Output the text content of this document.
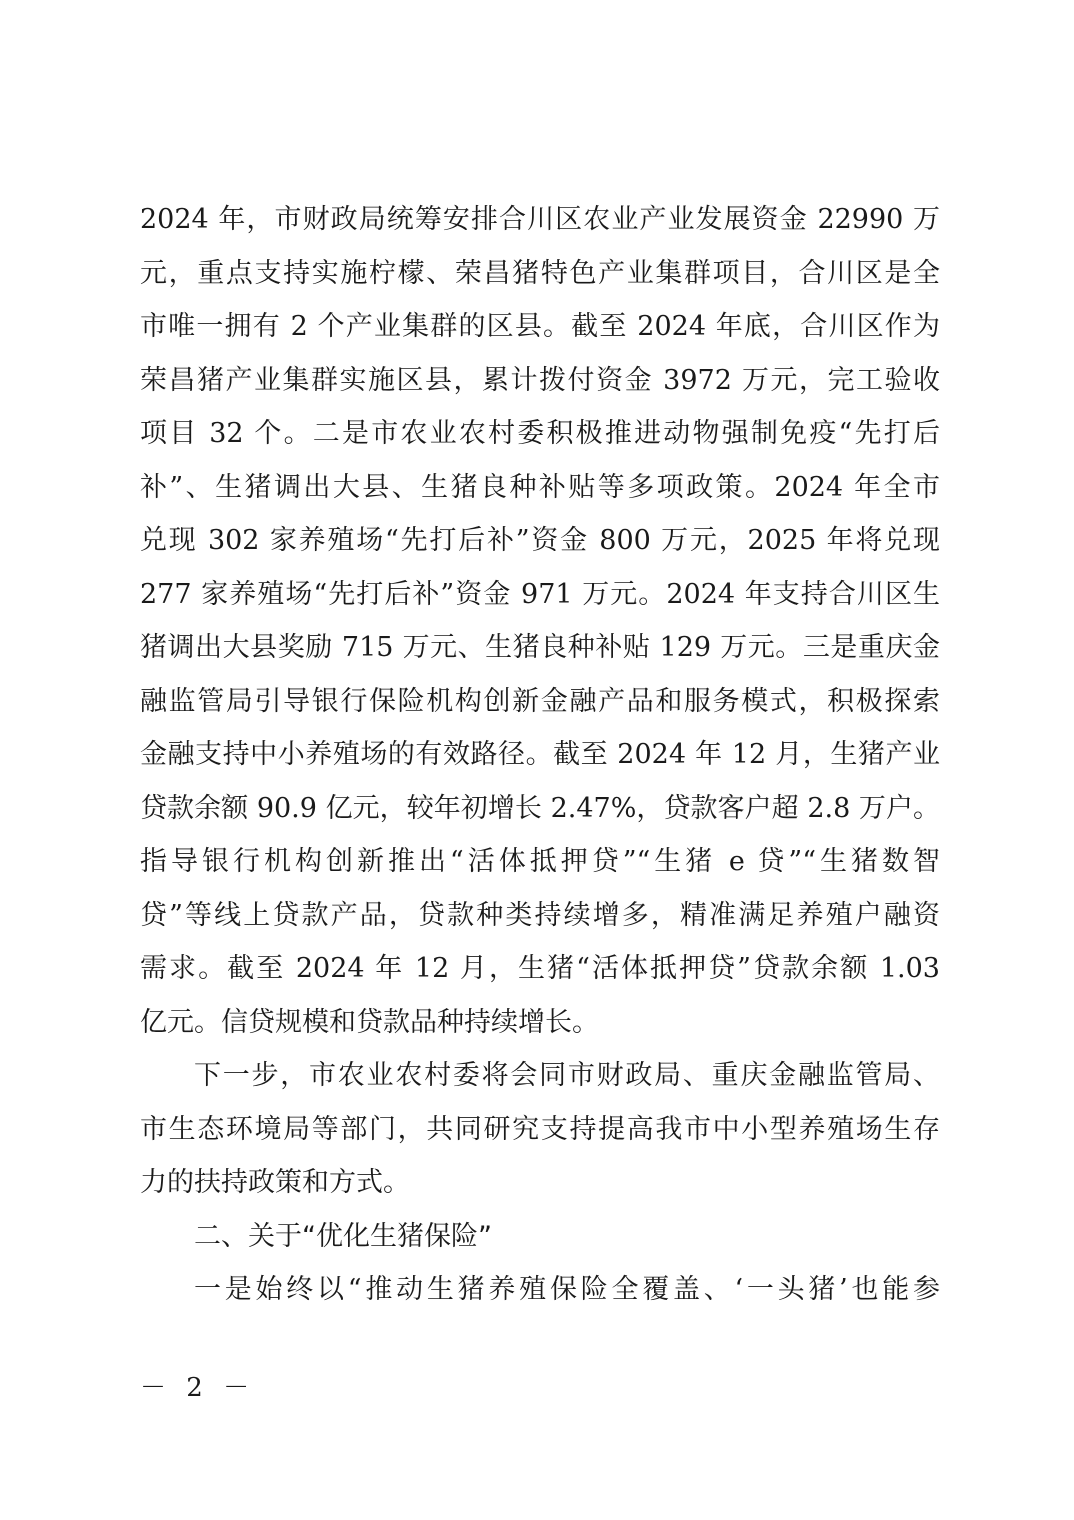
2024 年，市财政局统筹安排合川区农业产业发展资金 22990 万
元，重点支持实施柠檬、荣昌猪特色产业集群项目，合川区是全
市唯一拥有 2 个产业集群的区县。截至 2024 年底，合川区作为
荣昌猪产业集群实施区县，累计拨付资金 3972 万元，完工验收
项目 32 个。二是市农业农村委积极推进动物强制免疫“先打后
补”、生猪调出大县、生猪良种补贴等多项政策。2024 年全市
兑现 302 家养殖场“先打后补”资金 800 万元，2025 年将兑现
277 家养殖场“先打后补”资金 971 万元。2024 年支持合川区生
猪调出大县奖励 715 万元、生猪良种补贴 129 万元。三是重庆金
融监管局引导银行保险机构创新金融产品和服务模式，积极探索
金融支持中小养殖场的有效路径。截至 2024 年 12 月，生猪产业
贷款余额 90.9 亿元，较年初增长 2.47%，贷款客户超 2.8 万户。
指导银行机构创新推出“活体抵押贷”“生猪 e 贷”“生猪数智
贷”等线上贷款产品，贷款种类持续增多，精准满足养殖户融资
需求。截至 2024 年 12 月，生猪“活体抵押贷”贷款余额 1.03
亿元。信贷规模和贷款品种持续增长。
下一步，市农业农村委将会同市财政局、重庆金融监管局、
市生态环境局等部门，共同研究支持提高我市中小型养殖场生存
力的扶持政策和方式。
二、关于“优化生猪保险”
一是始终以“推动生猪养殖保险全覆盖、‘一头猪’也能参
－ 2 －
